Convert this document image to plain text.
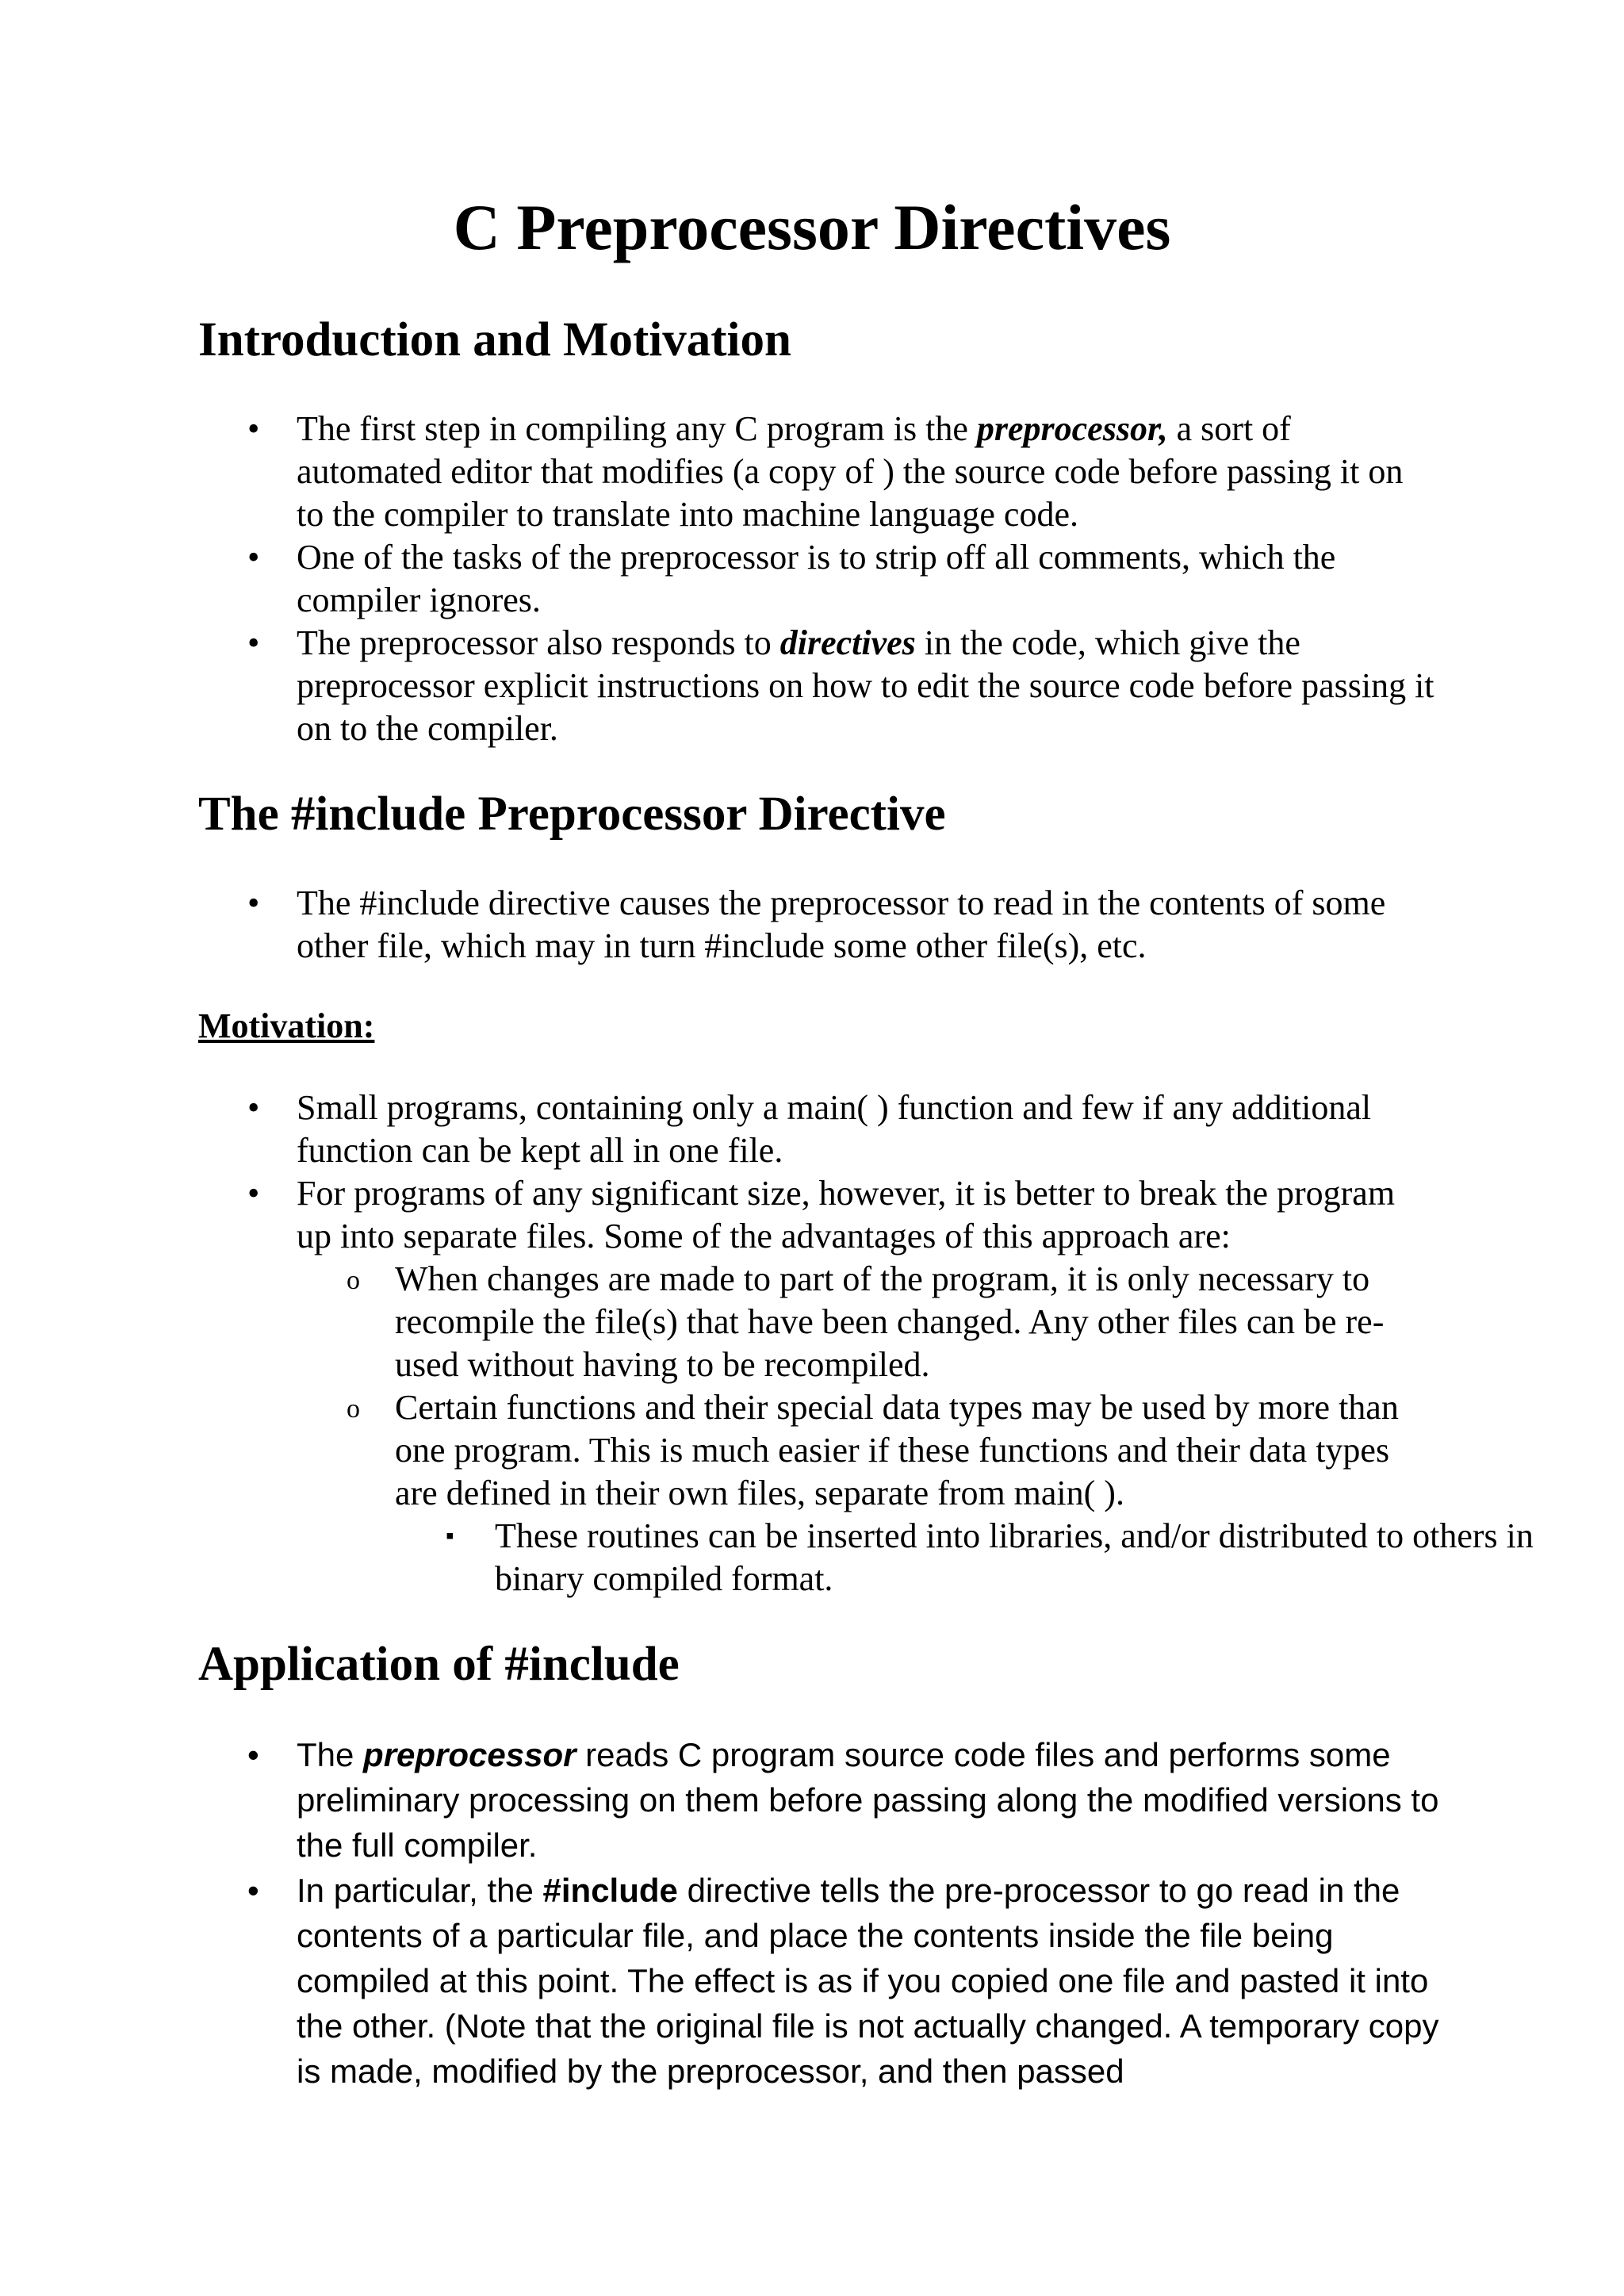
C Preprocessor Directives
Introduction and Motivation
• The first step in compiling any C program is the preprocessor, a sort of automated editor that modifies (a copy of ) the source code before passing it on to the compiler to translate into machine language code.
• One of the tasks of the preprocessor is to strip off all comments, which the compiler ignores.
• The preprocessor also responds to directives in the code, which give the preprocessor explicit instructions on how to edit the source code before passing it on to the compiler.
The #include Preprocessor Directive
• The #include directive causes the preprocessor to read in the contents of some other file, which may in turn #include some other file(s), etc.
Motivation:
• Small programs, containing only a main( ) function and few if any additional function can be kept all in one file.
• For programs of any significant size, however, it is better to break the program up into separate files. Some of the advantages of this approach are:
o	When changes are made to part of the program, it is only necessary to recompile the file(s) that have been changed. Any other files can be re-used without having to be recompiled.
o	Certain functions and their special data types may be used by more than one program. This is much easier if these functions and their data types are defined in their own files, separate from main( ).
▪ These routines can be inserted into libraries, and/or distributed to others in binary compiled format.
Application of #include
• The preprocessor reads C program source code files and performs some preliminary processing on them before passing along the modified versions to the full compiler.
• In particular, the #include directive tells the pre-processor to go read in the contents of a particular file, and place the contents inside the file being compiled at this point. The effect is as if you copied one file and pasted it into the other. (Note that the original file is not actually changed. A temporary copy is made, modified by the preprocessor, and then passed
